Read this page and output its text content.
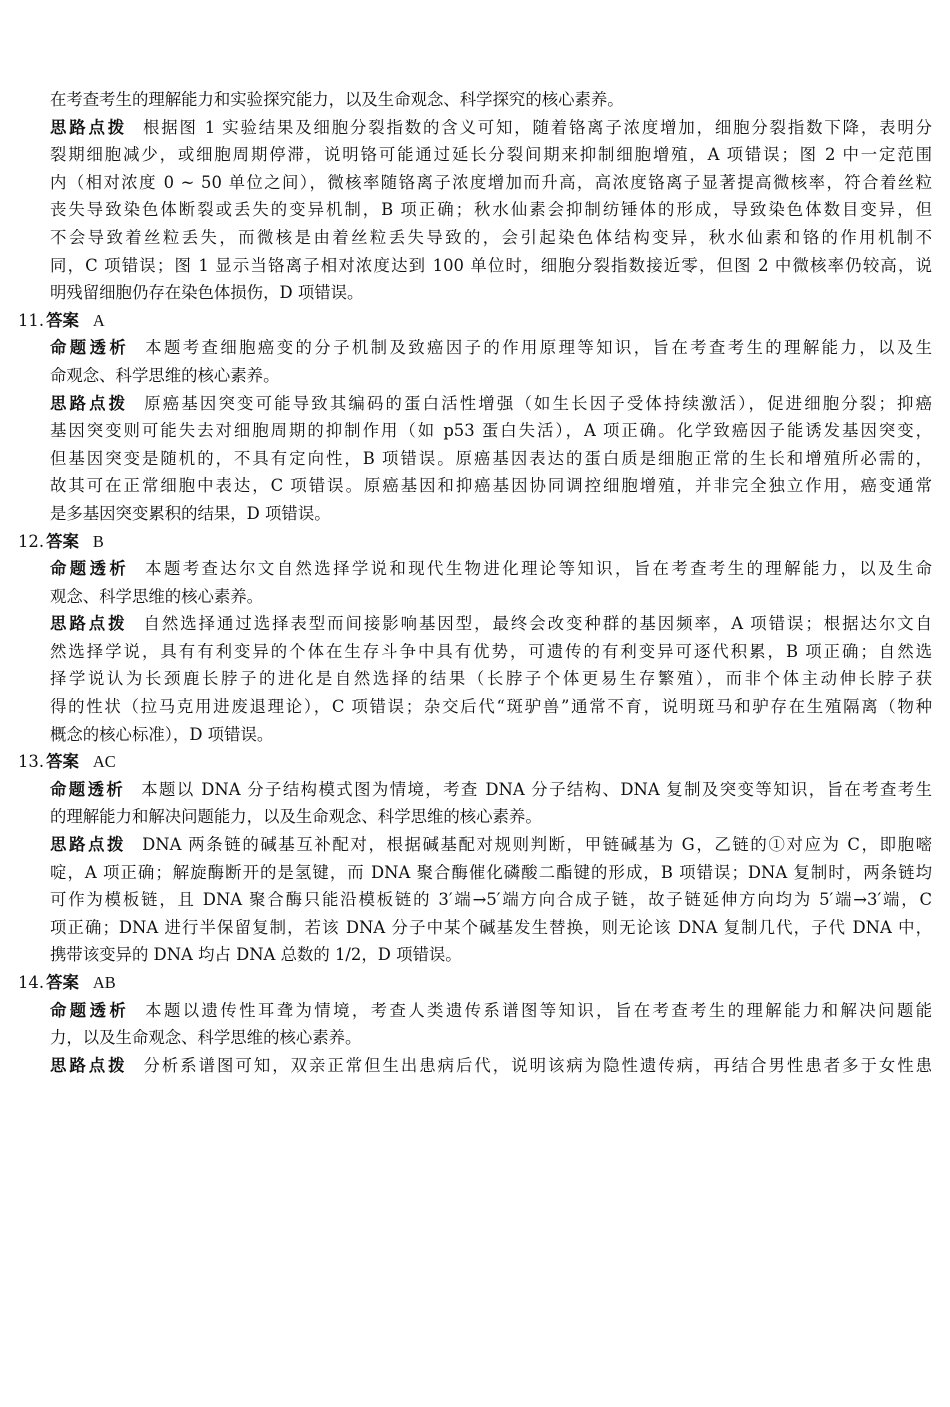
在考查考生的理解能力和实验探究能力，以及生命观念、科学探究的核心素养。
思路点拨 根据图 1 实验结果及细胞分裂指数的含义可知，随着铬离子浓度增加，细胞分裂指数下降，表明分
裂期细胞减少，或细胞周期停滞，说明铬可能通过延长分裂间期来抑制细胞增殖，A 项错误；图 2 中一定范围
内（相对浓度 0 ~ 50 单位之间），微核率随铬离子浓度增加而升高，高浓度铬离子显著提高微核率，符合着丝粒
丧失导致染色体断裂或丢失的变异机制，B 项正确；秋水仙素会抑制纺锤体的形成，导致染色体数目变异，但
不会导致着丝粒丢失，而微核是由着丝粒丢失导致的，会引起染色体结构变异，秋水仙素和铬的作用机制不
同，C 项错误；图 1 显示当铬离子相对浓度达到 100 单位时，细胞分裂指数接近零，但图 2 中微核率仍较高，说
明残留细胞仍存在染色体损伤，D 项错误。
11. 答案 A
命题透析 本题考查细胞癌变的分子机制及致癌因子的作用原理等知识，旨在考查考生的理解能力，以及生
命观念、科学思维的核心素养。
思路点拨 原癌基因突变可能导致其编码的蛋白活性增强（如生长因子受体持续激活），促进细胞分裂；抑癌
基因突变则可能失去对细胞周期的抑制作用（如 p53 蛋白失活），A 项正确。化学致癌因子能诱发基因突变，
但基因突变是随机的，不具有定向性，B 项错误。原癌基因表达的蛋白质是细胞正常的生长和增殖所必需的，
故其可在正常细胞中表达，C 项错误。原癌基因和抑癌基因协同调控细胞增殖，并非完全独立作用，癌变通常
是多基因突变累积的结果，D 项错误。
12. 答案 B
命题透析 本题考查达尔文自然选择学说和现代生物进化理论等知识，旨在考查考生的理解能力，以及生命
观念、科学思维的核心素养。
思路点拨 自然选择通过选择表型而间接影响基因型，最终会改变种群的基因频率，A 项错误；根据达尔文自
然选择学说，具有有利变异的个体在生存斗争中具有优势，可遗传的有利变异可逐代积累，B 项正确；自然选
择学说认为长颈鹿长脖子的进化是自然选择的结果（长脖子个体更易生存繁殖），而非个体主动伸长脖子获
得的性状（拉马克用进废退理论），C 项错误；杂交后代“斑驴兽”通常不育，说明斑马和驴存在生殖隔离（物种
概念的核心标准），D 项错误。
13. 答案 AC
命题透析 本题以 DNA 分子结构模式图为情境，考查 DNA 分子结构、DNA 复制及突变等知识，旨在考查考生
的理解能力和解决问题能力，以及生命观念、科学思维的核心素养。
思路点拨 DNA 两条链的碱基互补配对，根据碱基配对规则判断，甲链碱基为 G，乙链的①对应为 C，即胞嘧
啶，A 项正确；解旋酶断开的是氢键，而 DNA 聚合酶催化磷酸二酯键的形成，B 项错误；DNA 复制时，两条链均
可作为模板链，且 DNA 聚合酶只能沿模板链的 3′端→5′端方向合成子链，故子链延伸方向均为 5′端→3′端，C
项正确；DNA 进行半保留复制，若该 DNA 分子中某个碱基发生替换，则无论该 DNA 复制几代，子代 DNA 中，
携带该变异的 DNA 均占 DNA 总数的 1/2，D 项错误。
14. 答案 AB
命题透析 本题以遗传性耳聋为情境，考查人类遗传系谱图等知识，旨在考查考生的理解能力和解决问题能
力，以及生命观念、科学思维的核心素养。
思路点拨 分析系谱图可知，双亲正常但生出患病后代，说明该病为隐性遗传病，再结合男性患者多于女性患
